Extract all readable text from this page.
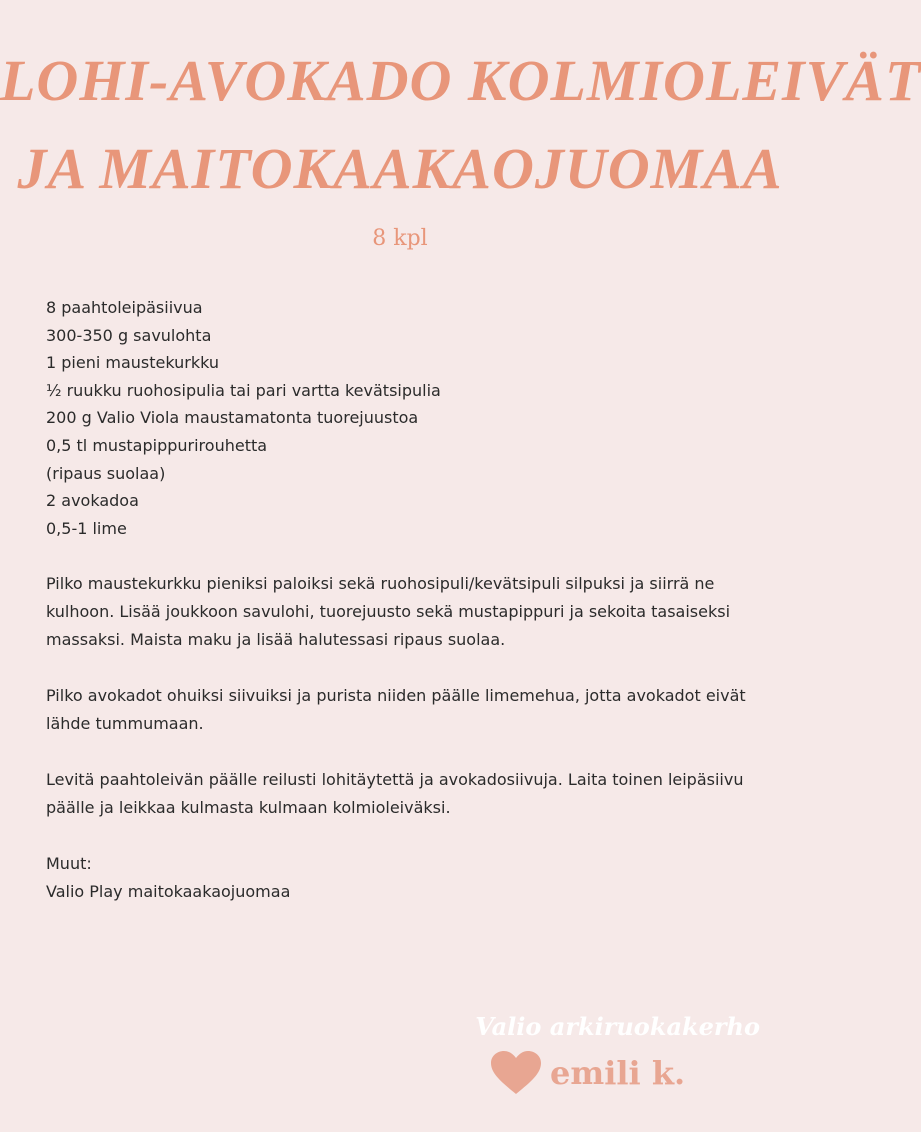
LOHI-AVOKADO KOLMIOLEIVÄT
JA MAITOKAAKAOJUOMAA
8 kpl
8 paahtoleipäsiivua
300-350 g savulohta
1 pieni maustekurkku
½ ruukku ruohosipulia tai pari vartta kevätsipulia
200 g Valio Viola maustamatonta tuorejuustoa
0,5 tl mustapippurirouhetta
(ripaus suolaa)
2 avokadoa
0,5-1 lime

Pilko maustekurkku pieniksi paloiksi sekä ruohosipuli/kevätsipuli silpuksi ja siirrä ne kulhoon. Lisää joukkoon savulohi, tuorejuusto sekä mustapippuri ja sekoita tasaiseksi massaksi. Maista maku ja lisää halutessasi ripaus suolaa.

Pilko avokadot ohuiksi siivuiksi ja purista niiden päälle limemehua, jotta avokadot eivät lähde tummumaan.

Levitä paahtoleivän päälle reilusti lohitäytettä ja avokadosiivuja. Laita toinen leipäsiivu päälle ja leikkaa kulmasta kulmaan kolmioleiväksi.

Muut:
Valio Play maitokaakaojuomaa
Valio arkiruokakerho
emili k.
